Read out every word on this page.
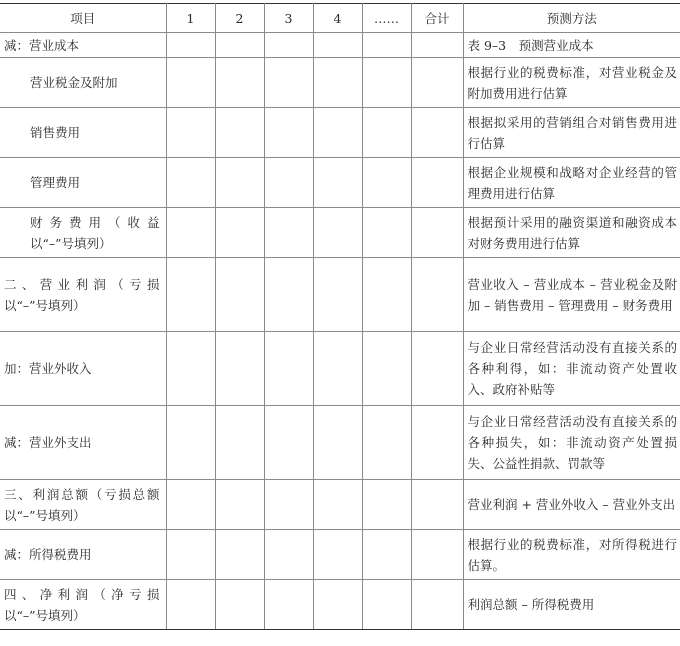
项目	1	2	3	4	……	合计	预测方法
减：营业成本							表 9–3　预测营业成本
营业税金及附加							根据行业的税费标准，对营业税金及附加费用进行估算
销售费用							根据拟采用的营销组合对销售费用进行估算
管理费用							根据企业规模和战略对企业经营的管理费用进行估算
财务费用（收益以“–”号填列）							根据预计采用的融资渠道和融资成本对财务费用进行估算
二、营业利润（亏损以“–”号填列）							营业收入 – 营业成本 – 营业税金及附加 – 销售费用 – 管理费用 – 财务费用
加：营业外收入							与企业日常经营活动没有直接关系的各种利得，如：非流动资产处置收入、政府补贴等
减：营业外支出							与企业日常经营活动没有直接关系的各种损失，如：非流动资产处置损失、公益性捐款、罚款等
三、利润总额（亏损总额以“–”号填列）							营业利润 + 营业外收入 – 营业外支出
减：所得税费用							根据行业的税费标准，对所得税进行估算。
四、净利润（净亏损以“–”号填列）							利润总额 – 所得税费用
